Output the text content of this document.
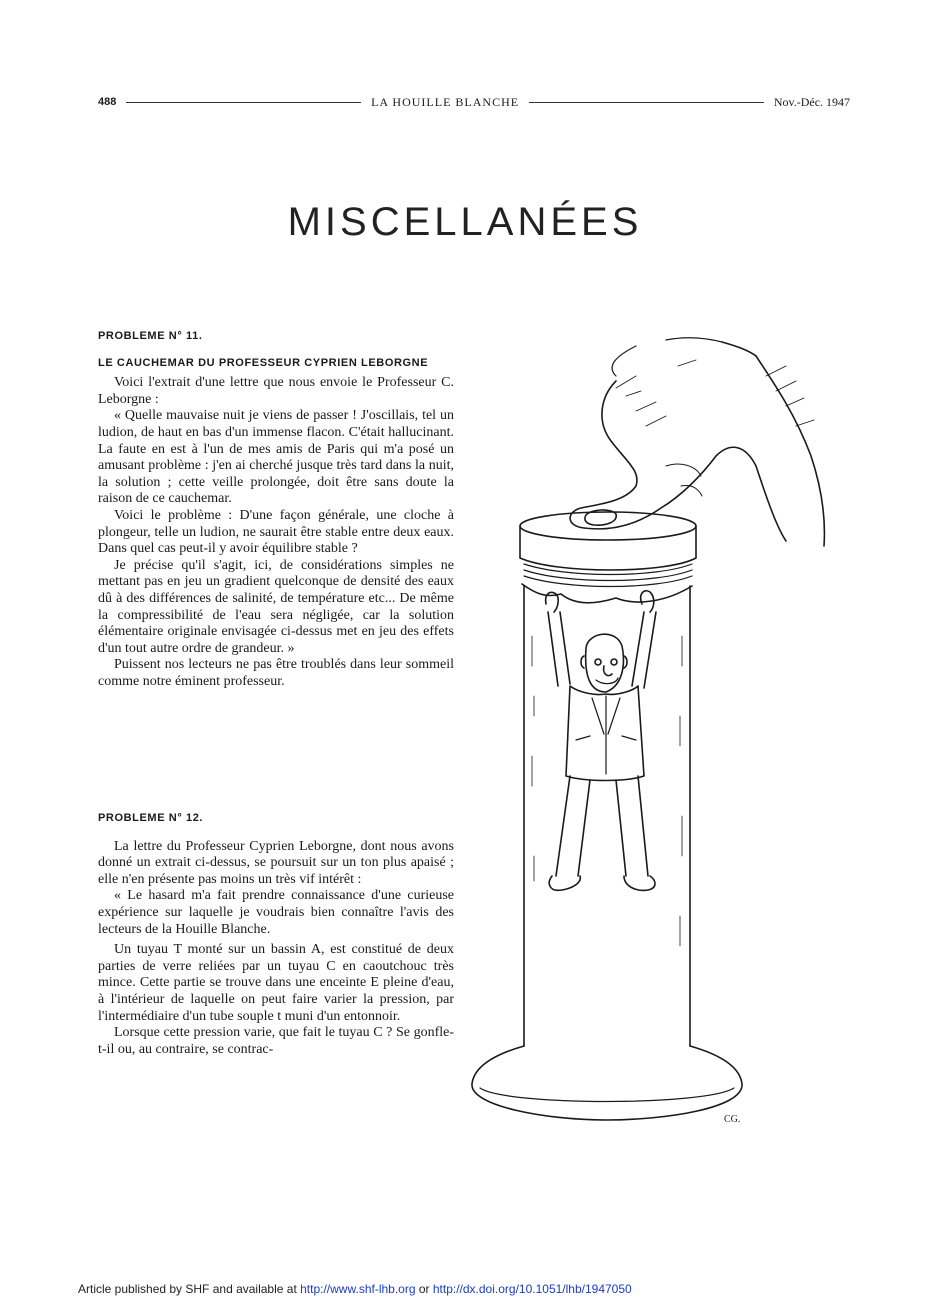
488	LA HOUILLE BLANCHE	Nov.-Déc. 1947
MISCELLANÉES

PROBLEME N° 11.

LE CAUCHEMAR DU PROFESSEUR CYPRIEN LEBORGNE

Voici l'extrait d'une lettre que nous envoie le Professeur C. Leborgne :

« Quelle mauvaise nuit je viens de passer ! J'oscillais, tel un ludion, de haut en bas d'un immense flacon. C'était hallucinant. La faute en est à l'un de mes amis de Paris qui m'a posé un amusant problème : j'en ai cherché jusque très tard dans la nuit, la solution ; cette veille prolongée, doit être sans doute la raison de ce cauchemar.

Voici le problème : D'une façon générale, une cloche à plongeur, telle un ludion, ne saurait être stable entre deux eaux. Dans quel cas peut-il y avoir équilibre stable ?

Je précise qu'il s'agit, ici, de considérations simples ne mettant pas en jeu un gradient quelconque de densité des eaux dû à des différences de salinité, de température etc... De même la compressibilité de l'eau sera négligée, car la solution élémentaire originale envisagée ci-dessus met en jeu des effets d'un tout autre ordre de grandeur. »

Puissent nos lecteurs ne pas être troublés dans leur sommeil comme notre éminent professeur.

PROBLEME N° 12.

La lettre du Professeur Cyprien Leborgne, dont nous avons donné un extrait ci-dessus, se poursuit sur un ton plus apaisé ; elle n'en présente pas moins un très vif intérêt :

« Le hasard m'a fait prendre connaissance d'une curieuse expérience sur laquelle je voudrais bien connaître l'avis des lecteurs de la Houille Blanche.

Un tuyau T monté sur un bassin A, est constitué de deux parties de verre reliées par un tuyau C en caoutchouc très mince. Cette partie se trouve dans une enceinte E pleine d'eau, à l'intérieur de laquelle on peut faire varier la pression, par l'intermédiaire d'un tube souple t muni d'un entonnoir.

Lorsque cette pression varie, que fait le tuyau C ? Se gonfle-t-il ou, au contraire, se contrac-

CG.
Article published by SHF and available at http://www.shf-lhb.org or http://dx.doi.org/10.1051/lhb/1947050
